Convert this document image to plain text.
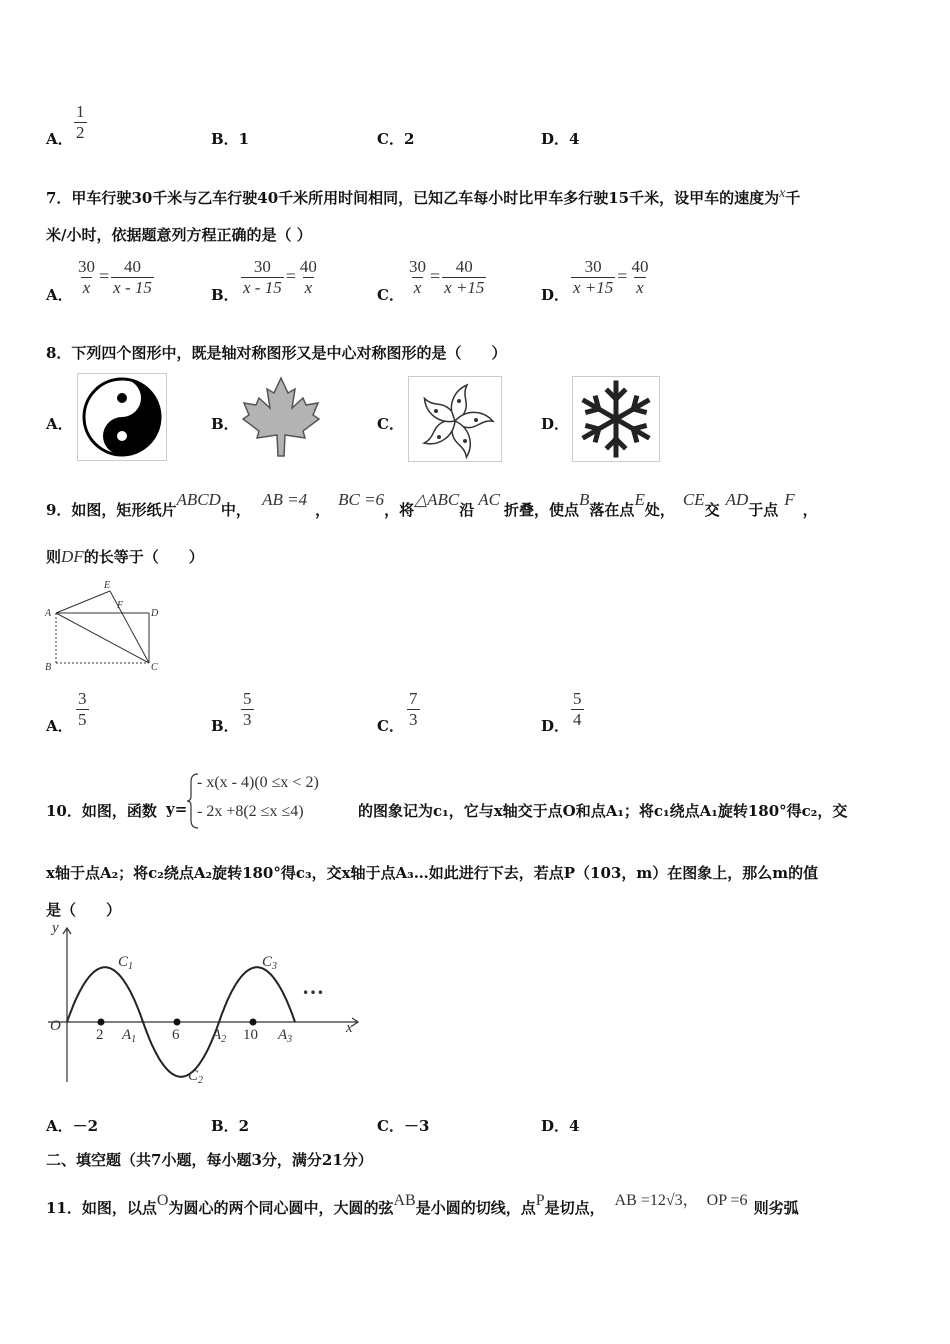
A． $\frac{1}{2}$	B．1	C．2	D．4
7．甲车行驶30千米与乙车行驶40千米所用时间相同，已知乙车每小时比甲车多行驶15千米，设甲车的速度为x千
米/小时，依据题意列方程正确的是（ ）
A． $\frac{30}{x} = \frac{40}{x - 15}$	B． $\frac{30}{x - 15} = \frac{40}{x}$	C． $\frac{30}{x} = \frac{40}{x +15}$	D． $\frac{30}{x +15} = \frac{40}{x}$
8．下列四个图形中，既是轴对称图形又是中心对称图形的是（　　）
A．	B．	C．	D．
9．如图，矩形纸片ABCD中， AB =4，BC =6，将△ABC沿AC折叠，使点B落在点E处，CE交AD于点F，
则DF的长等于（　　）
A
B	C
D
E
F
A． $\frac{3}{5}$	B． $\frac{5}{3}$	C． $\frac{7}{3}$	D． $\frac{5}{4}$
10．如图，函数 y=
- x(x - 4)(0 ≤x < 2)
- 2x +8(2 ≤x ≤4)	的图象记为c₁，它与x轴交于点O和点A₁；将c₁绕点A₁旋转180°得c₂，交
x轴于点A₂；将c₂绕点A₂旋转180°得c₃，交x轴于点A₃…如此进行下去，若点P（103，m）在图象上，那么m的值
是（　　）
y
x
O
2	6	10
$C_1$
$C_2$
$C_3$
$A_1$	$A_2$	$A_3$
…
A．－2	B．2	C．－3	D．4
二、填空题（共7小题，每小题3分，满分21分）
11．如图，以点O为圆心的两个同心圆中，大圆的弦AB是小圆的切线，点P是切点， AB =12√3， OP =6 则劣弧
